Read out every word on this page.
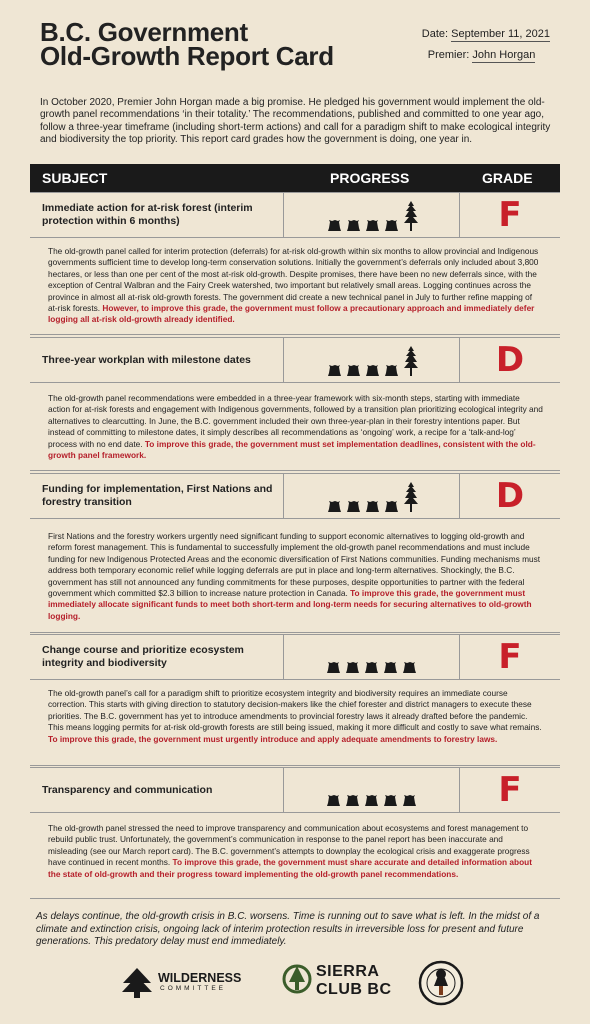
B.C. Government
Old-Growth Report Card
Date: September 11, 2021
Premier: John Horgan
In October 2020, Premier John Horgan made a big promise. He pledged his government would implement the old-growth panel recommendations ‘in their totality.’ The recommendations, published and committed to one year ago, follow a three-year timeframe (including short-term actions) and call for a paradigm shift to make ecological integrity and biodiversity the top priority. This report card grades how the government is doing, one year in.
SUBJECT	PROGRESS	GRADE
Immediate action for at-risk forest (interim protection within 6 months)	F
The old-growth panel called for interim protection (deferrals) for at-risk old-growth within six months to allow provincial and Indigenous governments sufficient time to develop long-term conservation solutions. Initially the government’s deferrals only included about 3,800 hectares, or less than one per cent of the most at-risk old-growth. Despite promises, there have been no new deferrals since, with the exception of Central Walbran and the Fairy Creek watershed, two important but relatively small areas. Logging continues across the province in almost all at-risk old-growth forests. The government did create a new technical panel in July to further refine mapping of at-risk forests. However, to improve this grade, the government must follow a precautionary approach and immediately defer logging all at-risk old-growth already identified.
Three-year workplan with milestone dates	D
The old-growth panel recommendations were embedded in a three-year framework with six-month steps, starting with immediate action for at-risk forests and engagement with Indigenous governments, followed by a transition plan prioritizing ecological integrity and alternatives to clearcutting. In June, the B.C. government included their own three-year-plan in their forestry intentions paper. But instead of committing to milestone dates, it simply describes all recommendations as ‘ongoing’ work, a recipe for a ‘talk-and-log’ process with no end date. To improve this grade, the government must set implementation deadlines, consistent with the old-growth panel framework.
Funding for implementation, First Nations and forestry transition	D
First Nations and the forestry workers urgently need significant funding to support economic alternatives to logging old-growth and reform forest management. This is fundamental to successfully implement the old-growth panel recommendations and must include funding for new Indigenous Protected Areas and the economic diversification of First Nations communities. Funding mechanisms must address both temporary economic relief while logging deferrals are put in place and long-term alternatives. Shockingly, the B.C. government has still not announced any funding commitments for these purposes, despite opportunities to partner with the federal government which committed $2.3 billion to increase nature protection in Canada. To improve this grade, the government must immediately allocate significant funds to meet both short-term and long-term needs for securing alternatives to old-growth logging.
Change course and prioritize ecosystem integrity and biodiversity	F
The old-growth panel’s call for a paradigm shift to prioritize ecosystem integrity and biodiversity requires an immediate course correction. This starts with giving direction to statutory decision-makers like the chief forester and district managers to execute these priorities. The B.C. government has yet to introduce amendments to provincial forestry laws it already drafted before the pandemic. This means logging permits for at-risk old-growth forests are still being issued, making it more difficult and costly to save what remains. To improve this grade, the government must urgently introduce and apply adequate amendments to forestry laws.
Transparency and communication	F
The old-growth panel stressed the need to improve transparency and communication about ecosystems and forest management to rebuild public trust. Unfortunately, the government’s communication in response to the panel report has been inaccurate and misleading (see our March report card). The B.C. government’s attempts to downplay the ecological crisis and exaggerate progress have continued in recent months. To improve this grade, the government must share accurate and detailed information about the state of old-growth and their progress toward implementing the old-growth panel recommendations.
As delays continue, the old-growth crisis in B.C. worsens. Time is running out to save what is left. In the midst of a climate and extinction crisis, ongoing lack of interim protection results in irreversible loss for present and future generations. This predatory delay must end immediately.
WILDERNESS
COMMITTEE
SIERRA
CLUB BC
